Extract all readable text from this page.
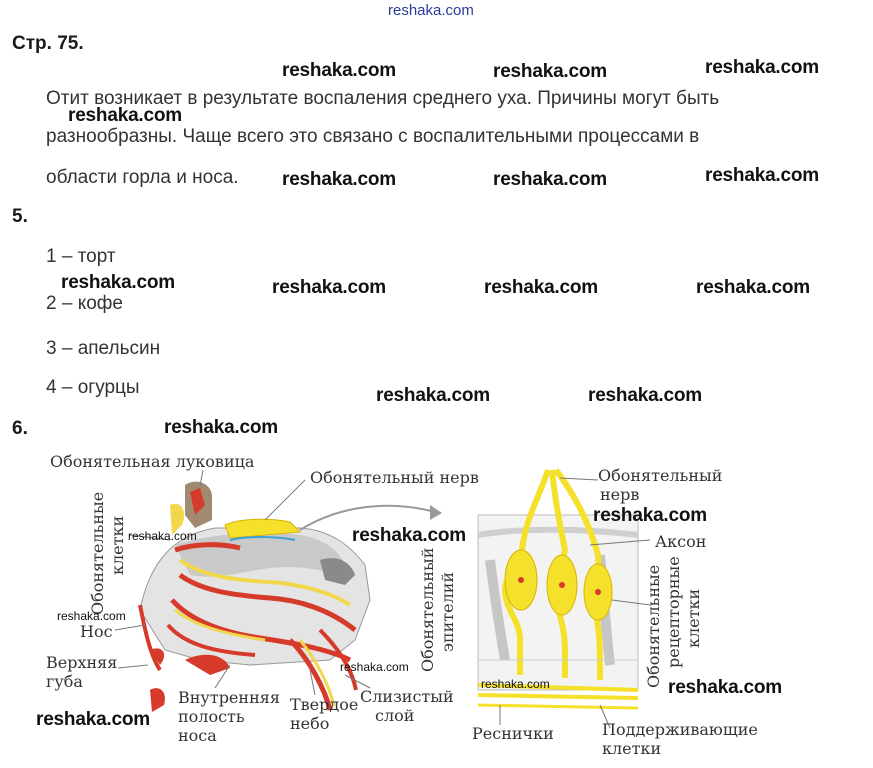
reshaka.com
Стр. 75.
Отит возникает в результате воспаления среднего уха. Причины могут быть
разнообразны. Чаще всего это связано с воспалительными процессами в
области горла и носа.
5.
1 – торт
2 – кофе
3 – апельсин
4 – огурцы
6.
Обонятельная луковица
Обонятельный нерв
Обонятельные клетки
Нос
Верхняя
губа
Внутренняя
полость
носа
Твердое
небо
Слизистый
слой
Обонятельный эпителий
Обонятельный
нерв
Аксон
Обонятельные рецепторные клетки
Реснички	Поддерживающие
клетки
reshaka.com	reshaka.com	reshaka.com
reshaka.com
reshaka.com	reshaka.com	reshaka.com
reshaka.com	reshaka.com	reshaka.com	reshaka.com
reshaka.com	reshaka.com
reshaka.com
reshaka.com
reshaka.com
reshaka.com
reshaka.com
reshaka.com
reshaka.com
reshaka.com
reshaka.com
